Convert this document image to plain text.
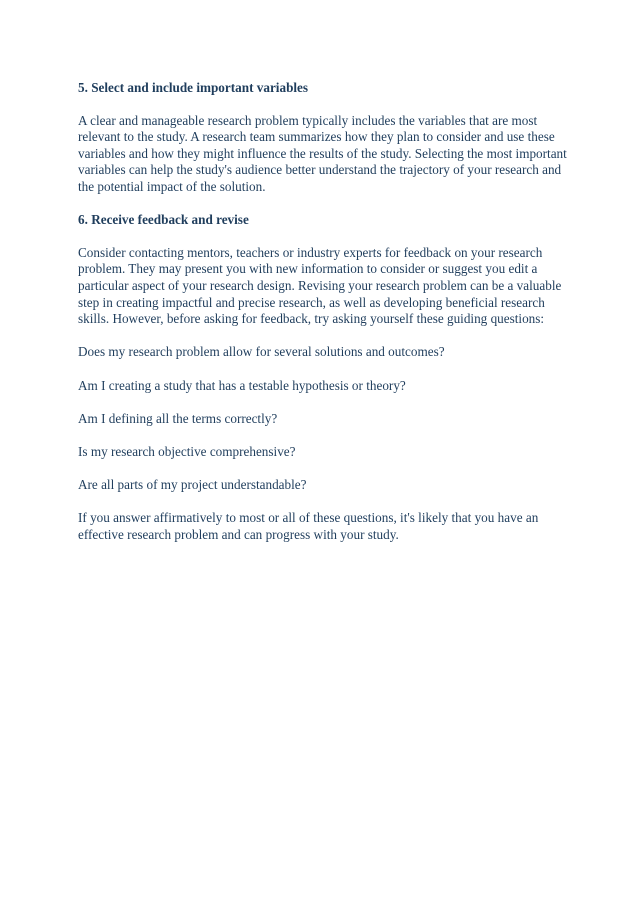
5. Select and include important variables

A clear and manageable research problem typically includes the variables that are most relevant to the study. A research team summarizes how they plan to consider and use these variables and how they might influence the results of the study. Selecting the most important variables can help the study's audience better understand the trajectory of your research and the potential impact of the solution.

6. Receive feedback and revise

Consider contacting mentors, teachers or industry experts for feedback on your research problem. They may present you with new information to consider or suggest you edit a particular aspect of your research design. Revising your research problem can be a valuable step in creating impactful and precise research, as well as developing beneficial research skills. However, before asking for feedback, try asking yourself these guiding questions:

Does my research problem allow for several solutions and outcomes?

Am I creating a study that has a testable hypothesis or theory?

Am I defining all the terms correctly?

Is my research objective comprehensive?

Are all parts of my project understandable?

If you answer affirmatively to most or all of these questions, it's likely that you have an effective research problem and can progress with your study.
